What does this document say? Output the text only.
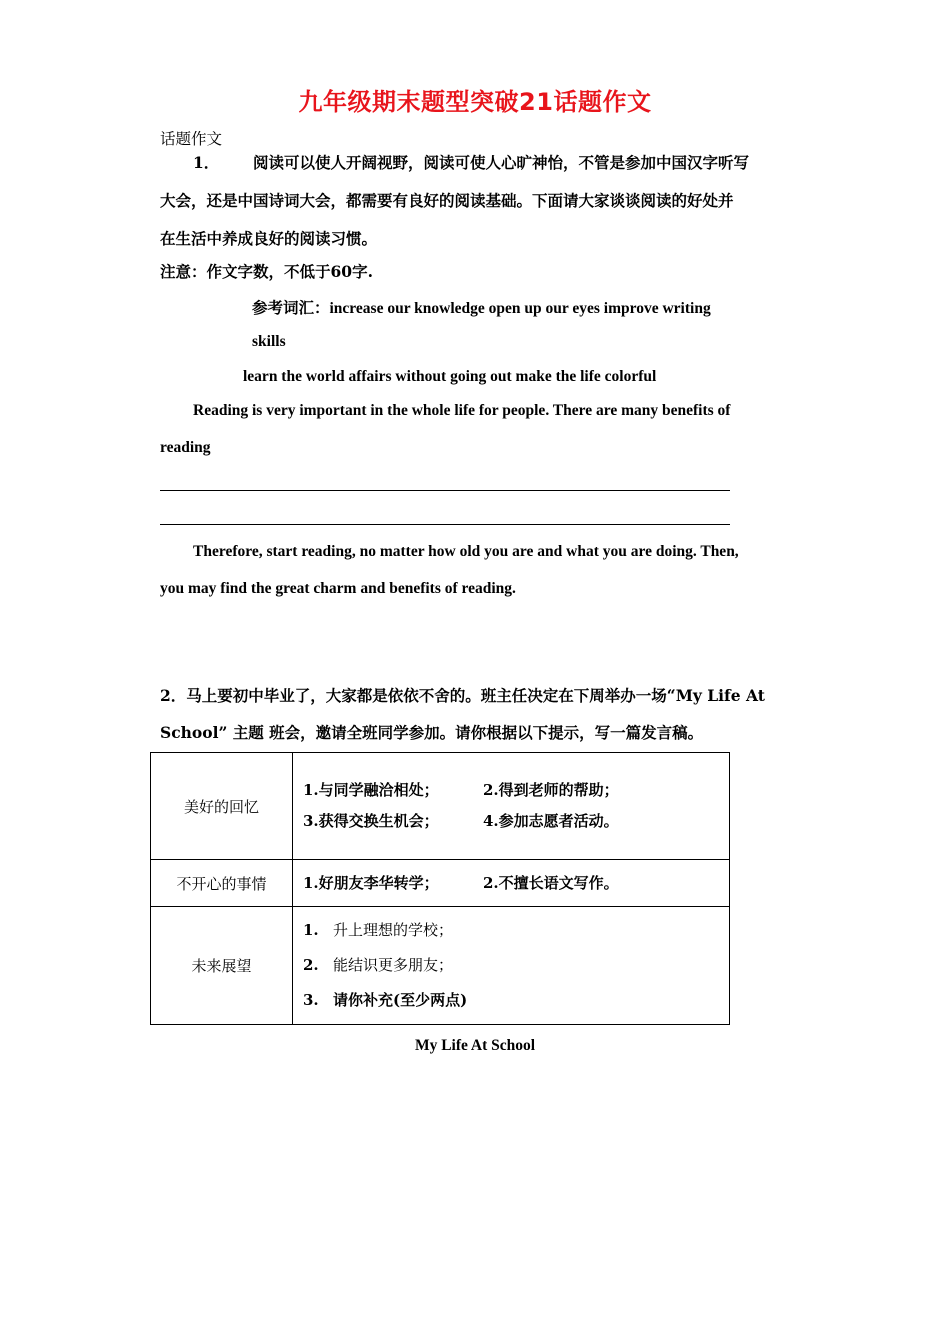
九年级期末题型突破21话题作文
话题作文
1． 阅读可以使人开阔视野，阅读可使人心旷神怡，不管是参加中国汉字听写
大会，还是中国诗词大会，都需要有良好的阅读基础。下面请大家谈谈阅读的好处并
在生活中养成良好的阅读习惯。
注意：作文字数，不低于60字.
参考词汇：increase our knowledge open up our eyes improve writing
skills
learn the world affairs without going out make the life colorful
Reading is very important in the whole life for people. There are many benefits of
reading
Therefore, start reading, no matter how old you are and what you are doing. Then,
you may find the great charm and benefits of reading.
2．马上要初中毕业了，大家都是依依不舍的。班主任决定在下周举办一场“My Life At
School” 主题 班会，邀请全班同学参加。请你根据以下提示，写一篇发言稿。
美好的回忆	1.与同学融洽相处； 2.得到老师的帮助；
3.获得交换生机会； 4.参加志愿者活动。

不开心的事情	1.好朋友李华转学； 2.不擅长语文写作。

未来展望	1. 升上理想的学校；
2. 能结识更多朋友；
3. 请你补充(至少两点)
My Life At School
